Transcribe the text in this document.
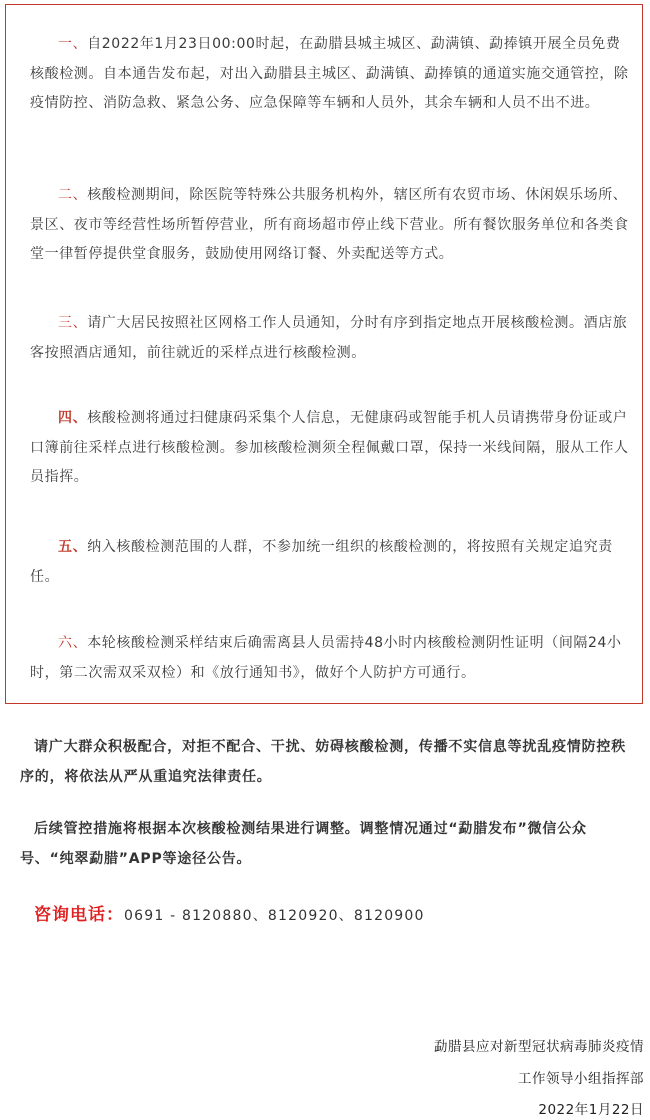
一、自2022年1月23日00:00时起，在勐腊县城主城区、勐满镇、勐捧镇开展全员免费核酸检测。自本通告发布起，对出入勐腊县主城区、勐满镇、勐捧镇的通道实施交通管控，除疫情防控、消防急救、紧急公务、应急保障等车辆和人员外，其余车辆和人员不出不进。

二、核酸检测期间，除医院等特殊公共服务机构外，辖区所有农贸市场、休闲娱乐场所、景区、夜市等经营性场所暂停营业，所有商场超市停止线下营业。所有餐饮服务单位和各类食堂一律暂停提供堂食服务，鼓励使用网络订餐、外卖配送等方式。

三、请广大居民按照社区网格工作人员通知，分时有序到指定地点开展核酸检测。酒店旅客按照酒店通知，前往就近的采样点进行核酸检测。

四、核酸检测将通过扫健康码采集个人信息，无健康码或智能手机人员请携带身份证或户口簿前往采样点进行核酸检测。参加核酸检测须全程佩戴口罩，保持一米线间隔，服从工作人员指挥。

五、纳入核酸检测范围的人群，不参加统一组织的核酸检测的，将按照有关规定追究责任。

六、本轮核酸检测采样结束后确需离县人员需持48小时内核酸检测阴性证明（间隔24小时，第二次需双采双检）和《放行通知书》，做好个人防护方可通行。

请广大群众积极配合，对拒不配合、干扰、妨碍核酸检测，传播不实信息等扰乱疫情防控秩序的，将依法从严从重追究法律责任。

后续管控措施将根据本次核酸检测结果进行调整。调整情况通过“勐腊发布”微信公众号、“纯翠勐腊”APP等途径公告。

咨询电话：0691 - 8120880、8120920、8120900
勐腊县应对新型冠状病毒肺炎疫情
工作领导小组指挥部
2022年1月22日
